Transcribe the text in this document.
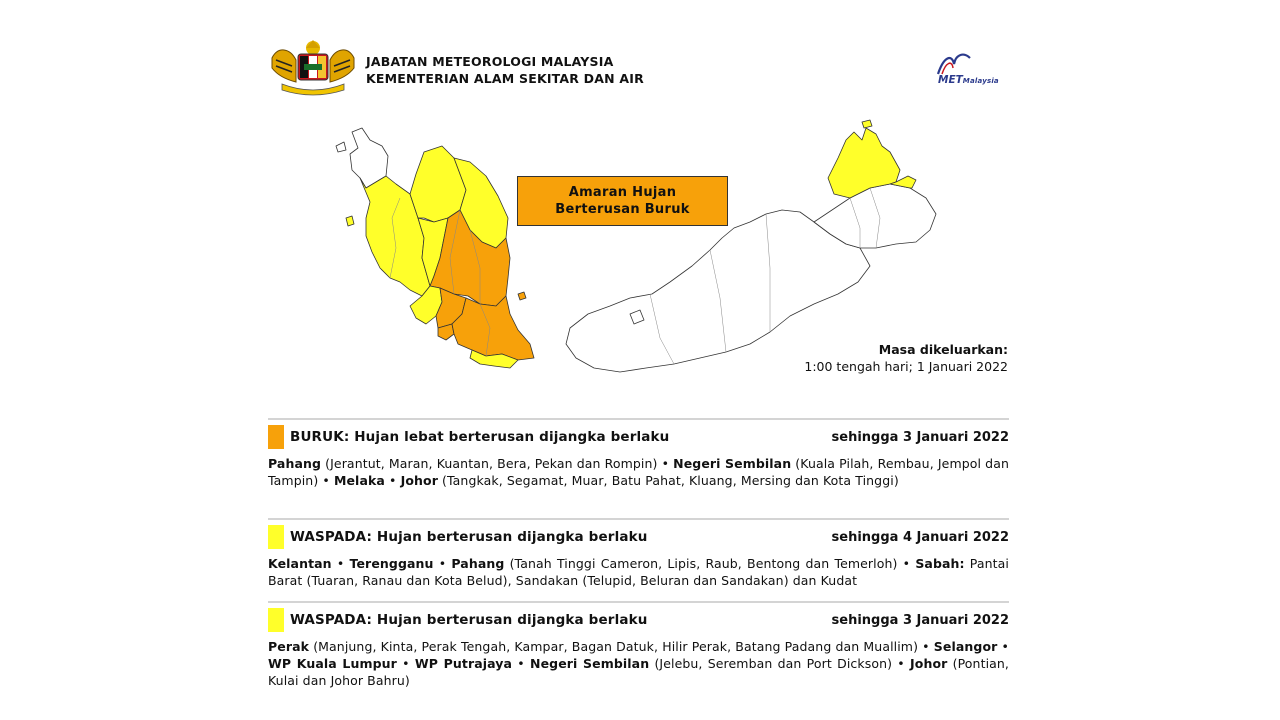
JABATAN METEOROLOGI MALAYSIA
KEMENTERIAN ALAM SEKITAR DAN AIR	METMalaysia
Amaran Hujan
Berterusan Buruk
Masa dikeluarkan:
1:00 tengah hari; 1 Januari 2022
BURUK: Hujan lebat berterusan dijangka berlaku	sehingga 3 Januari 2022
Pahang (Jerantut, Maran, Kuantan, Bera, Pekan dan Rompin) • Negeri Sembilan (Kuala Pilah, Rembau, Jempol dan Tampin) • Melaka • Johor (Tangkak, Segamat, Muar, Batu Pahat, Kluang, Mersing dan Kota Tinggi)
WASPADA: Hujan berterusan dijangka berlaku	sehingga 4 Januari 2022
Kelantan • Terengganu • Pahang (Tanah Tinggi Cameron, Lipis, Raub, Bentong dan Temerloh) • Sabah: Pantai Barat (Tuaran, Ranau dan Kota Belud), Sandakan (Telupid, Beluran dan Sandakan) dan Kudat
WASPADA: Hujan berterusan dijangka berlaku	sehingga 3 Januari 2022
Perak (Manjung, Kinta, Perak Tengah, Kampar, Bagan Datuk, Hilir Perak, Batang Padang dan Muallim) • Selangor • WP Kuala Lumpur • WP Putrajaya • Negeri Sembilan (Jelebu, Seremban dan Port Dickson) • Johor (Pontian, Kulai dan Johor Bahru)
